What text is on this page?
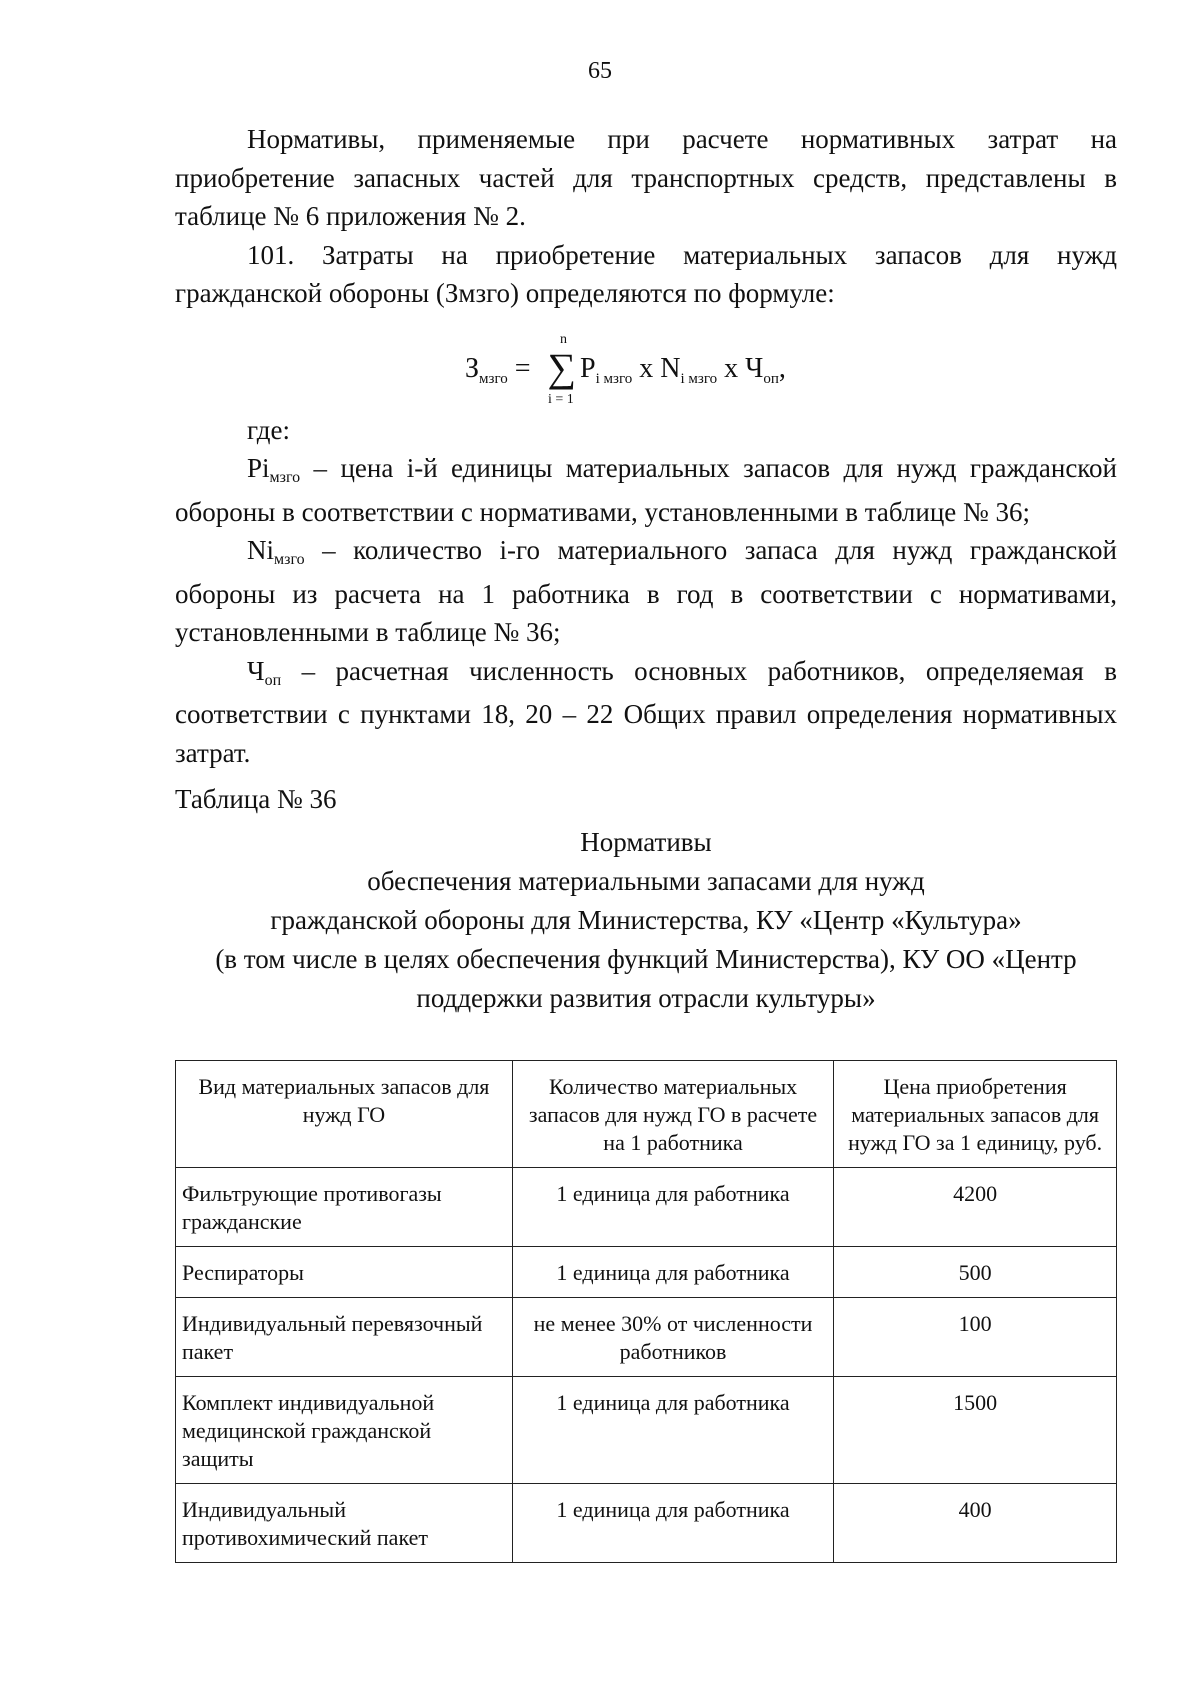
65

Нормативы, применяемые при расчете нормативных затрат на приобретение запасных частей для транспортных средств, представлены в таблице № 6 приложения № 2.

101. Затраты на приобретение материальных запасов для нужд гражданской обороны (Змзго) определяются по формуле:

n
$З_{мзго}$ = ∑ $P_{i мзго}$ x $N_{i мзго}$ x $Ч_{оп}$,
i = 1

где:

Piмзго – цена i-й единицы материальных запасов для нужд гражданской обороны в соответствии с нормативами, установленными в таблице № 36;

Niмзго – количество i-го материального запаса для нужд гражданской обороны из расчета на 1 работника в год в соответствии с нормативами, установленными в таблице № 36;

Чоп – расчетная численность основных работников, определяемая в соответствии с пунктами 18, 20 – 22 Общих правил определения нормативных затрат.

Таблица № 36

Нормативы
обеспечения материальными запасами для нужд
гражданской обороны для Министерства, КУ «Центр «Культура»
(в том числе в целях обеспечения функций Министерства), КУ ОО «Центр
поддержки развития отрасли культуры»
Вид материальных запасов для нужд ГО	Количество материальных запасов для нужд ГО в расчете на 1 работника	Цена приобретения материальных запасов для нужд ГО за 1 единицу, руб.
Фильтрующие противогазы гражданские	1 единица для работника	4200
Респираторы	1 единица для работника	500
Индивидуальный перевязочный пакет	не менее 30% от численности работников	100
Комплект индивидуальной медицинской гражданской защиты	1 единица для работника	1500
Индивидуальный противохимический пакет	1 единица для работника	400
